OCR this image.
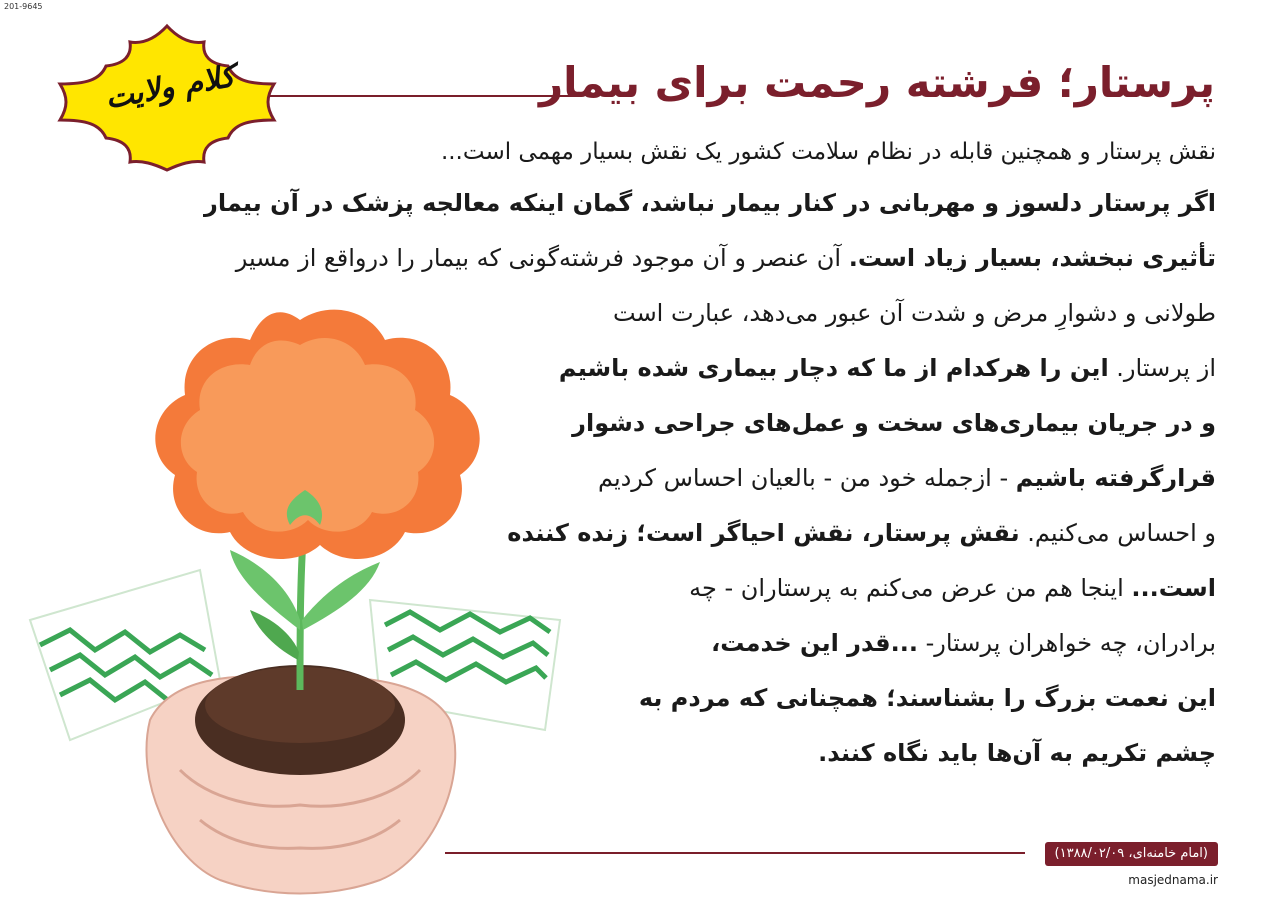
201-9645
کلام ولایت	پرستار؛ فرشته رحمت برای بیمار
نقش پرستار و همچنین قابله در نظام سلامت کشور یک نقش بسیار مهمی است...
اگر پرستار دلسوز و مهربانی در کنار بیمار نباشد، گمان اینکه معالجه پزشک در آن بیمار
تأثیری نبخشد، بسیار زیاد است. آن عنصر و آن موجود فرشته‌گونی که بیمار را درواقع از مسیر
طولانی و دشوارِ مرض و شدت آن عبور می‌دهد، عبارت است
از پرستار. این را هرکدام از ما که دچار بیماری شده باشیم
و در جریان بیماری‌های سخت و عمل‌های جراحی دشوار
قرارگرفته باشیم - ازجمله خود من - بالعیان احساس کردیم
و احساس می‌کنیم. نقش پرستار، نقش احیاگر است؛ زنده کننده
است... اینجا هم من عرض می‌کنم به پرستاران - چه
برادران، چه خواهران پرستار- ...قدر این خدمت،
این نعمت بزرگ را بشناسند؛ همچنانی که مردم به
چشم تکریم به آن‌ها باید نگاه کنند.
(امام خامنه‌ای، ۱۳۸۸/۰۲/۰۹)
masjednama.ir
